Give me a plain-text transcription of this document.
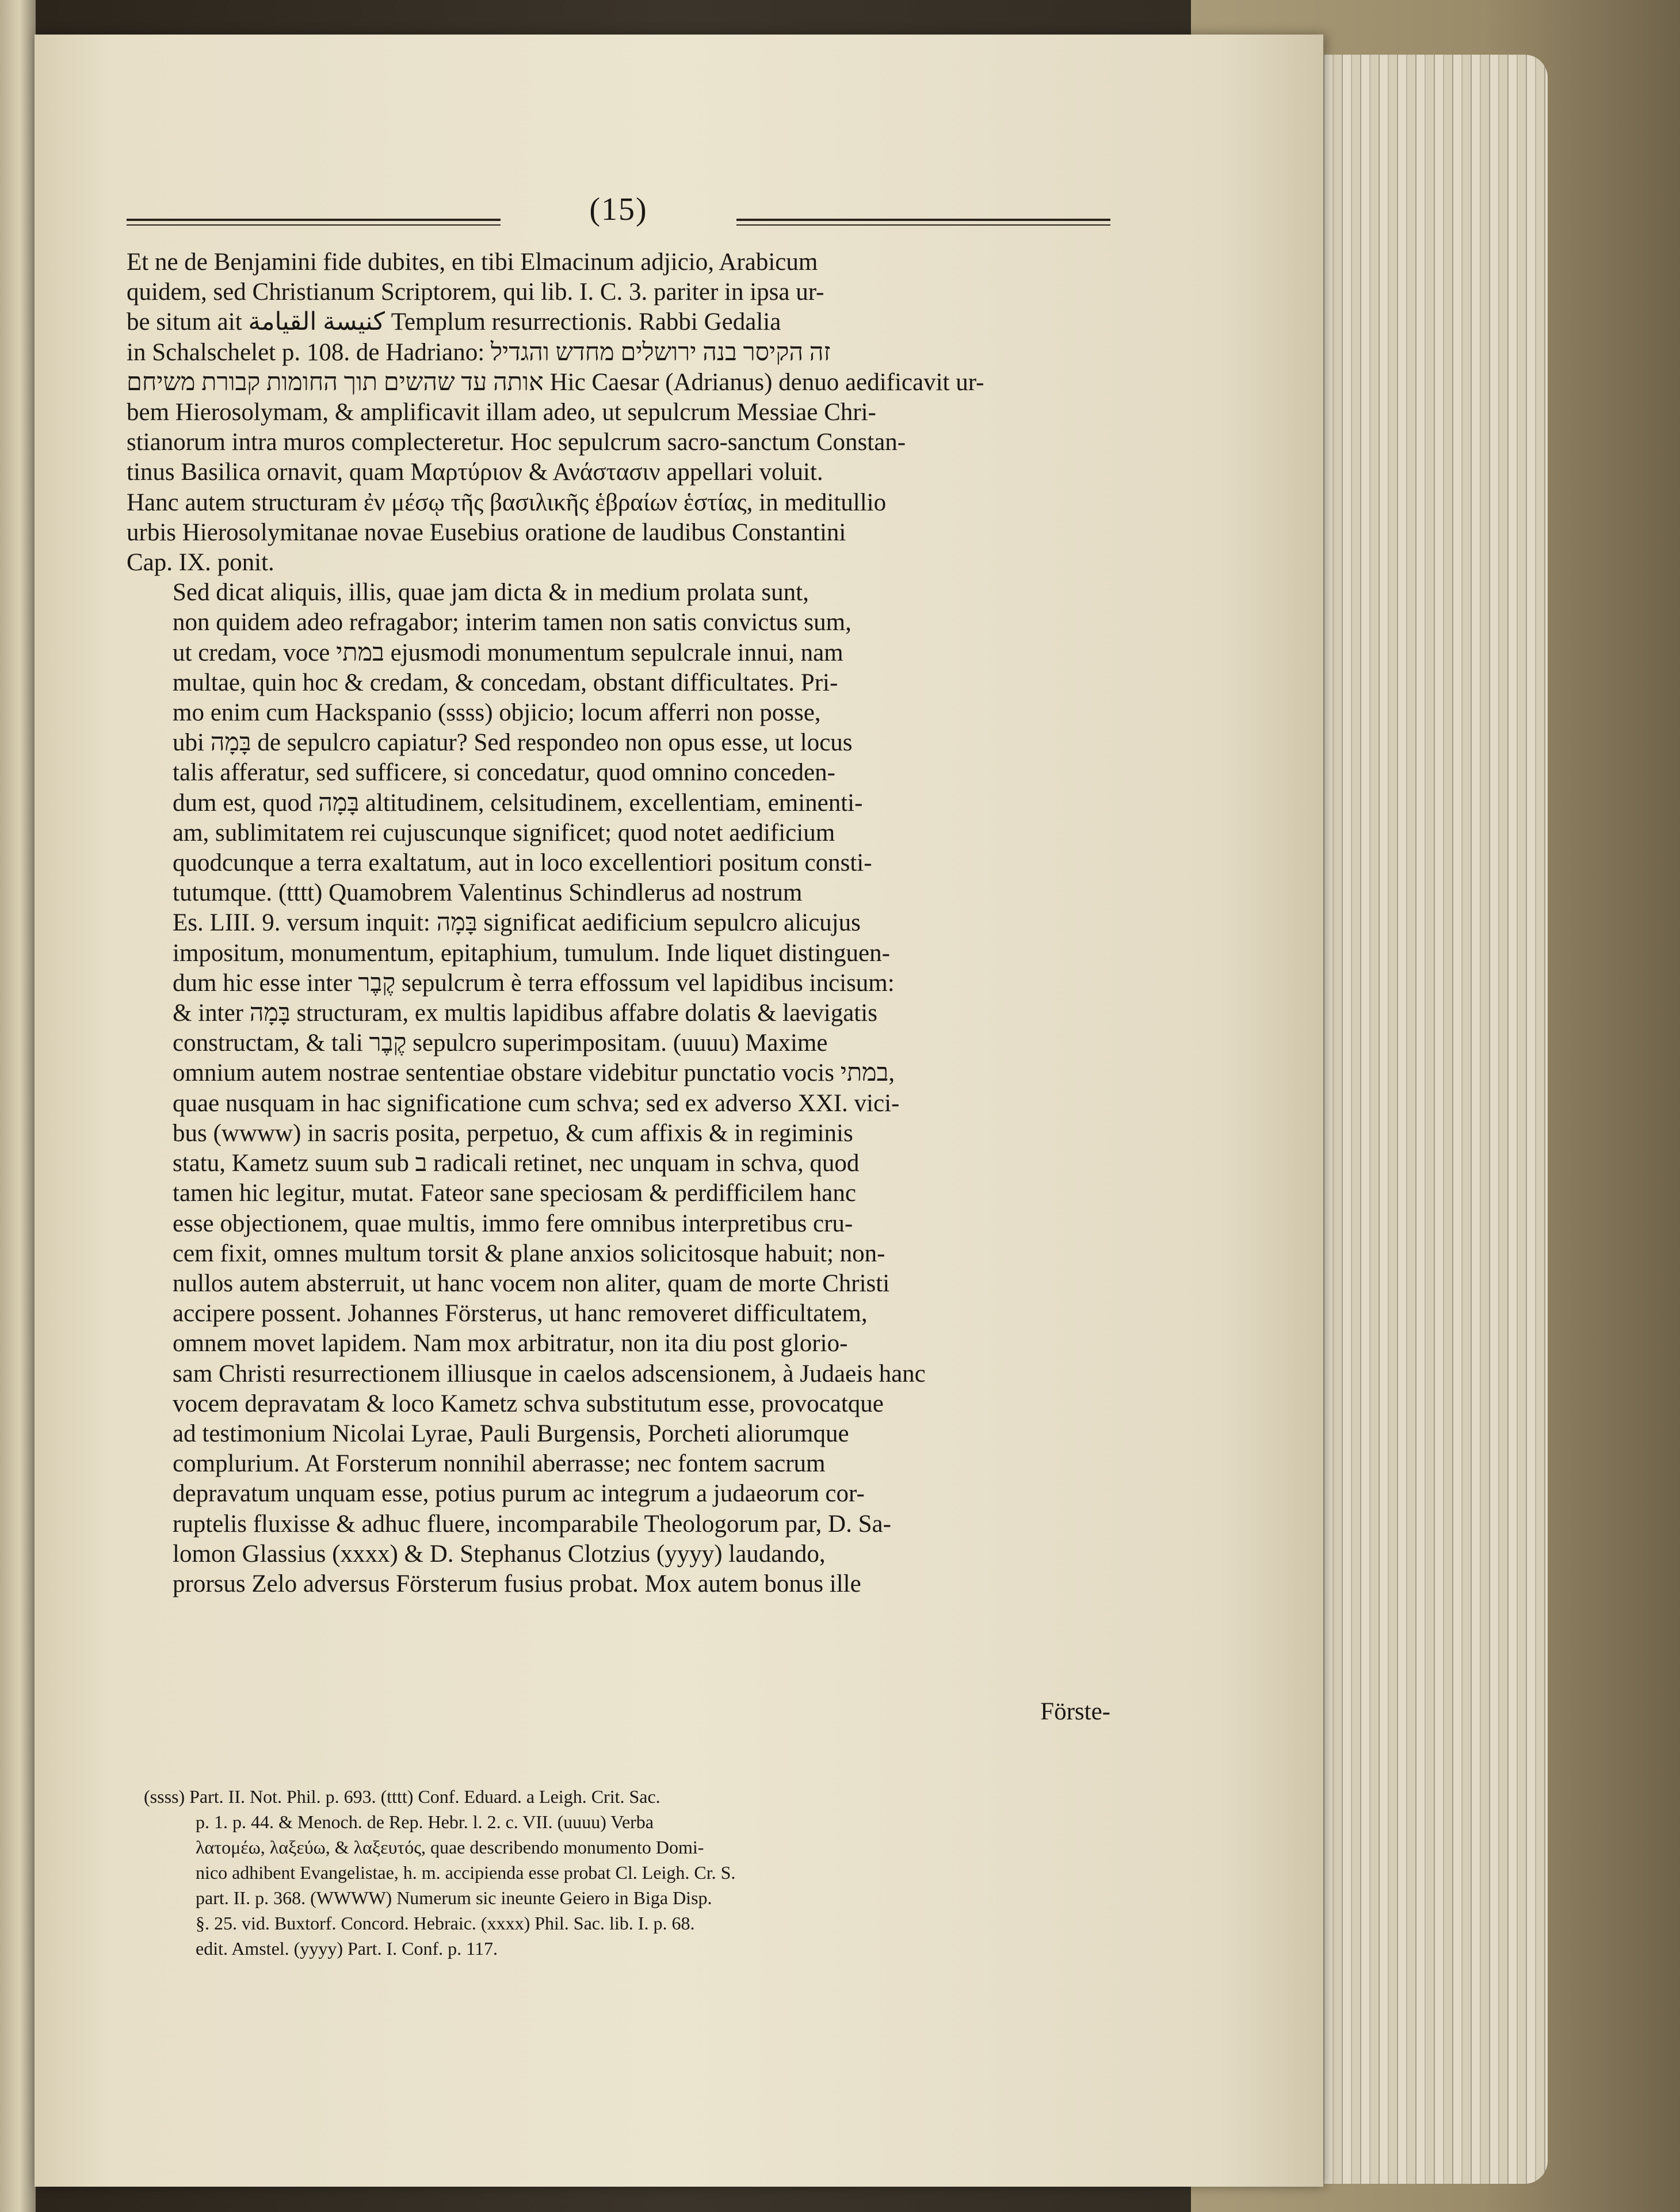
(15)

Et ne de Benjamini fide dubites, en tibi Elmacinum adjicio, Arabicum
quidem, sed Christianum Scriptorem, qui lib. I. C. 3. pariter in ipsa ur-
be situm ait كنيسة القيامة Templum resurrectionis. Rabbi Gedalia
in Schalschelet p. 108. de Hadriano: זה הקיסר בנה ירושלים מחדש והגדיל
אותה עד שהשים תוך החומות קבורת משיחם Hic Caesar (Adrianus) denuo aedificavit ur-
bem Hierosolymam, & amplificavit illam adeo, ut sepulcrum Messiae Chri-
stianorum intra muros complecteretur. Hoc sepulcrum sacro-sanctum Constan-
tinus Basilica ornavit, quam Μαρτύριον & Ανάστασιν appellari voluit.
Hanc autem structuram ἐν μέσῳ τῆς βασιλικῆς ἑβραίων ἑστίας, in meditullio
urbis Hierosolymitanae novae Eusebius oratione de laudibus Constantini
Cap. IX. ponit.

Sed dicat aliquis, illis, quae jam dicta & in medium prolata sunt,
non quidem adeo refragabor; interim tamen non satis convictus sum,
ut credam, voce במתי ejusmodi monumentum sepulcrale innui, nam
multae, quin hoc & credam, & concedam, obstant difficultates. Pri-
mo enim cum Hackspanio (ssss) objicio; locum afferri non posse,
ubi בָּמָה de sepulcro capiatur? Sed respondeo non opus esse, ut locus
talis afferatur, sed sufficere, si concedatur, quod omnino conceden-
dum est, quod בָּמָה altitudinem, celsitudinem, excellentiam, eminenti-
am, sublimitatem rei cujuscunque significet; quod notet aedificium
quodcunque a terra exaltatum, aut in loco excellentiori positum consti-
tutumque. (tttt) Quamobrem Valentinus Schindlerus ad nostrum
Es. LIII. 9. versum inquit: בָּמָה significat aedificium sepulcro alicujus
impositum, monumentum, epitaphium, tumulum. Inde liquet distinguen-
dum hic esse inter קֶבֶר sepulcrum è terra effossum vel lapidibus incisum:
& inter בָּמָה structuram, ex multis lapidibus affabre dolatis & laevigatis
constructam, & tali קֶבֶר sepulcro superimpositam. (uuuu) Maxime
omnium autem nostrae sententiae obstare videbitur punctatio vocis במתי,
quae nusquam in hac significatione cum schva; sed ex adverso XXI. vici-
bus (wwww) in sacris posita, perpetuo, & cum affixis & in regiminis
statu, Kametz suum sub ב radicali retinet, nec unquam in schva, quod
tamen hic legitur, mutat. Fateor sane speciosam & perdifficilem hanc
esse objectionem, quae multis, immo fere omnibus interpretibus cru-
cem fixit, omnes multum torsit & plane anxios solicitosque habuit; non-
nullos autem absterruit, ut hanc vocem non aliter, quam de morte Christi
accipere possent. Johannes Försterus, ut hanc removeret difficultatem,
omnem movet lapidem. Nam mox arbitratur, non ita diu post glorio-
sam Christi resurrectionem illiusque in caelos adscensionem, à Judaeis hanc
vocem depravatam & loco Kametz schva substitutum esse, provocatque
ad testimonium Nicolai Lyrae, Pauli Burgensis, Porcheti aliorumque
complurium. At Forsterum nonnihil aberrasse; nec fontem sacrum
depravatum unquam esse, potius purum ac integrum a judaeorum cor-
ruptelis fluxisse & adhuc fluere, incomparabile Theologorum par, D. Sa-
lomon Glassius (xxxx) & D. Stephanus Clotzius (yyyy) laudando,
prorsus Zelo adversus Försterum fusius probat. Mox autem bonus ille

Förste-
(ssss) Part. II. Not. Phil. p. 693. (tttt) Conf. Eduard. a Leigh. Crit. Sac.
p. 1. p. 44. & Menoch. de Rep. Hebr. l. 2. c. VII. (uuuu) Verba
λατομέω, λαξεύω, & λαξευτός, quae describendo monumento Domi-
nico adhibent Evangelistae, h. m. accipienda esse probat Cl. Leigh. Cr. S.
part. II. p. 368. (WWWW) Numerum sic ineunte Geiero in Biga Disp.
§. 25. vid. Buxtorf. Concord. Hebraic. (xxxx) Phil. Sac. lib. I. p. 68.
edit. Amstel. (yyyy) Part. I. Conf. p. 117.
